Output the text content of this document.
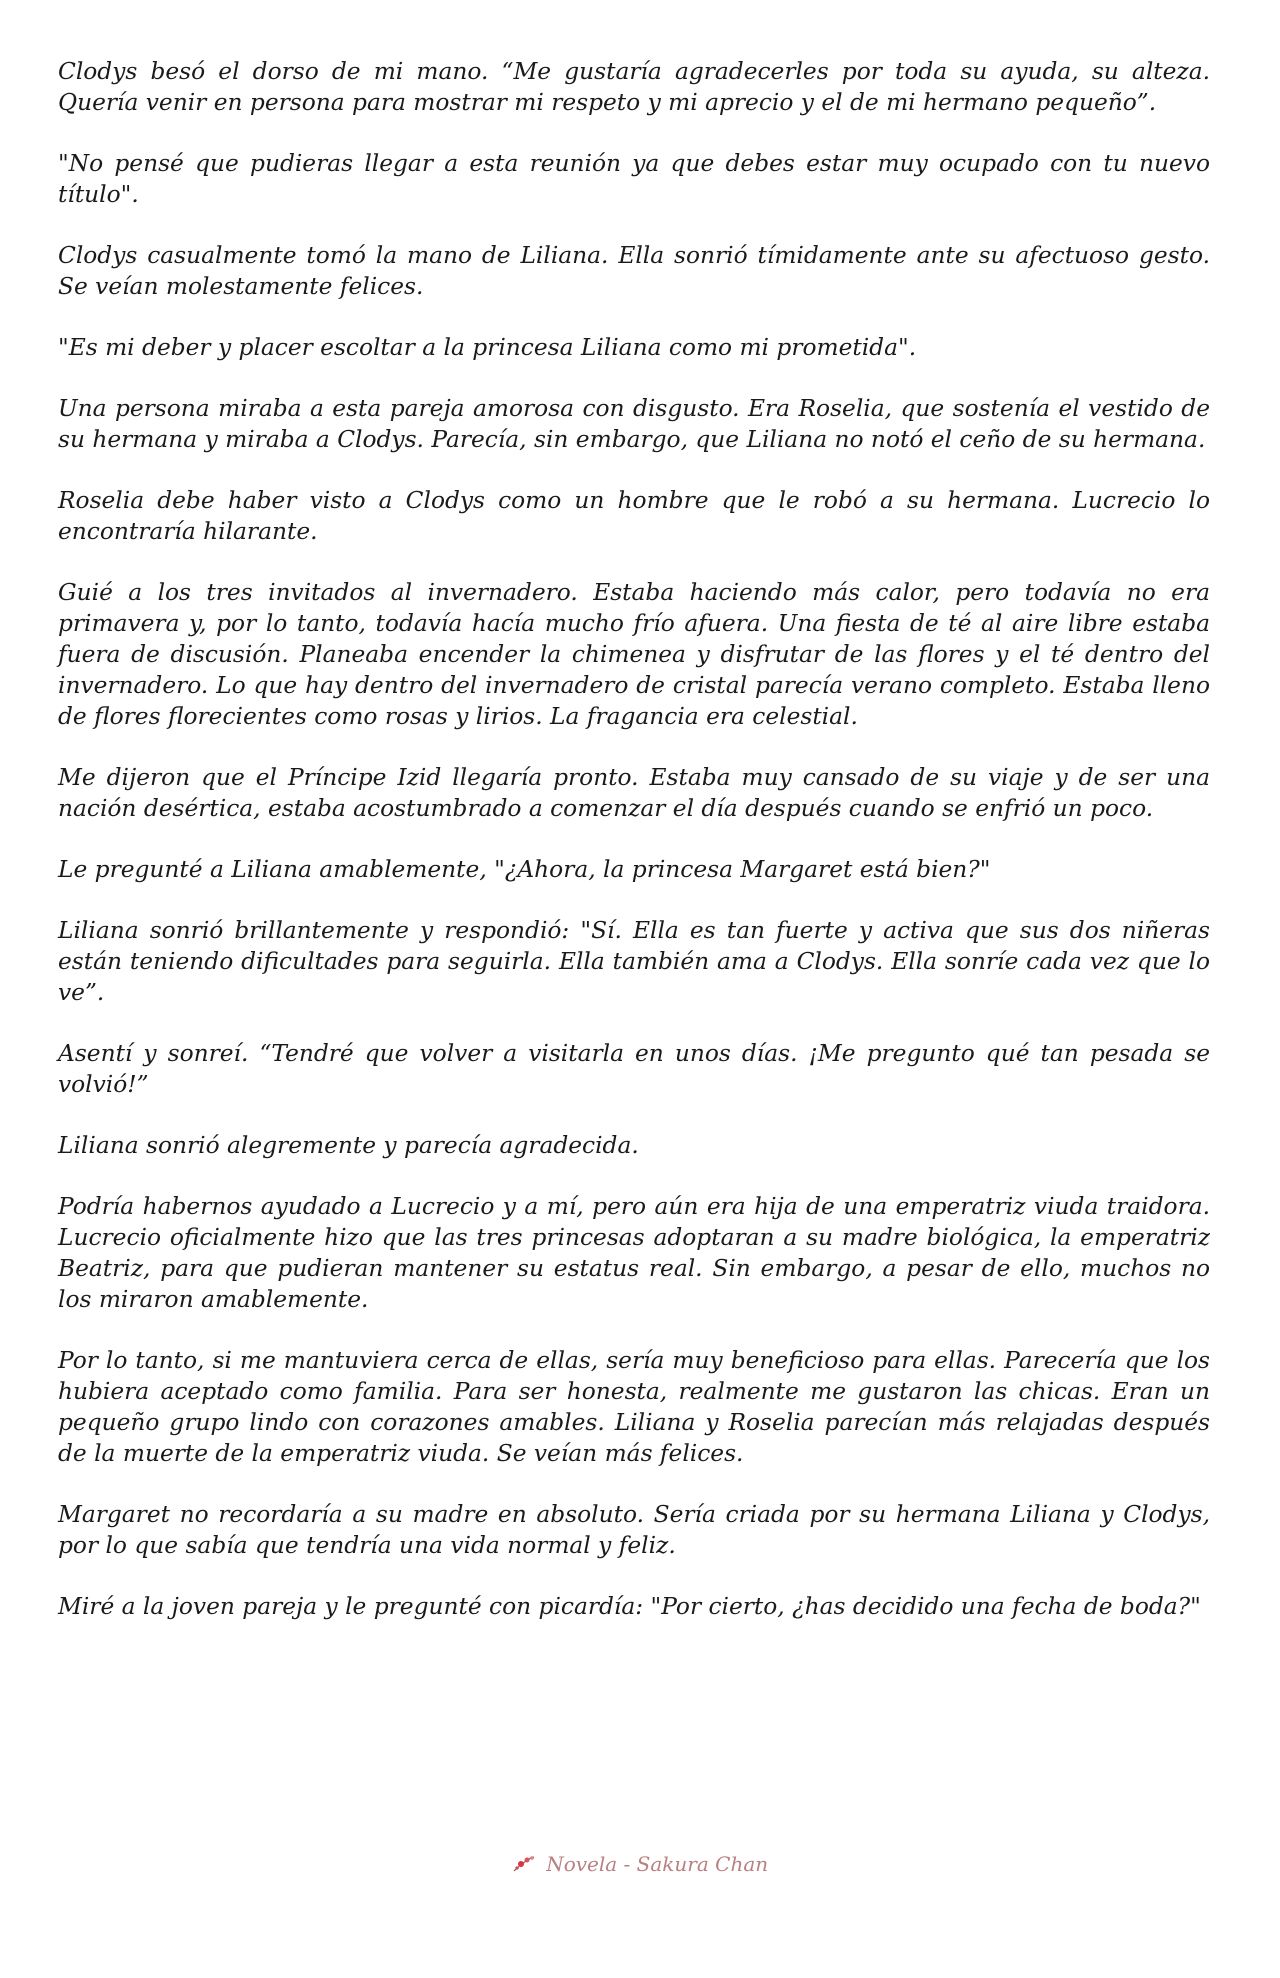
Clodys besó el dorso de mi mano. “Me gustaría agradecerles por toda su ayuda, su alteza. Quería venir en persona para mostrar mi respeto y mi aprecio y el de mi hermano pequeño”.

"No pensé que pudieras llegar a esta reunión ya que debes estar muy ocupado con tu nuevo título".

Clodys casualmente tomó la mano de Liliana. Ella sonrió tímidamente ante su afectuoso gesto. Se veían molestamente felices.

"Es mi deber y placer escoltar a la princesa Liliana como mi prometida".

Una persona miraba a esta pareja amorosa con disgusto. Era Roselia, que sostenía el vestido de su hermana y miraba a Clodys. Parecía, sin embargo, que Liliana no notó el ceño de su hermana.

Roselia debe haber visto a Clodys como un hombre que le robó a su hermana. Lucrecio lo encontraría hilarante.

Guié a los tres invitados al invernadero. Estaba haciendo más calor, pero todavía no era primavera y, por lo tanto, todavía hacía mucho frío afuera. Una fiesta de té al aire libre estaba fuera de discusión. Planeaba encender la chimenea y disfrutar de las flores y el té dentro del invernadero. Lo que hay dentro del invernadero de cristal parecía verano completo. Estaba lleno de flores florecientes como rosas y lirios. La fragancia era celestial.

Me dijeron que el Príncipe Izid llegaría pronto. Estaba muy cansado de su viaje y de ser una nación desértica, estaba acostumbrado a comenzar el día después cuando se enfrió un poco.

Le pregunté a Liliana amablemente, "¿Ahora, la princesa Margaret está bien?"

Liliana sonrió brillantemente y respondió: "Sí. Ella es tan fuerte y activa que sus dos niñeras están teniendo dificultades para seguirla. Ella también ama a Clodys. Ella sonríe cada vez que lo ve”.

Asentí y sonreí. “Tendré que volver a visitarla en unos días. ¡Me pregunto qué tan pesada se volvió!”

Liliana sonrió alegremente y parecía agradecida.

Podría habernos ayudado a Lucrecio y a mí, pero aún era hija de una emperatriz viuda traidora. Lucrecio oficialmente hizo que las tres princesas adoptaran a su madre biológica, la emperatriz Beatriz, para que pudieran mantener su estatus real. Sin embargo, a pesar de ello, muchos no los miraron amablemente.

Por lo tanto, si me mantuviera cerca de ellas, sería muy beneficioso para ellas. Parecería que los hubiera aceptado como familia. Para ser honesta, realmente me gustaron las chicas. Eran un pequeño grupo lindo con corazones amables. Liliana y Roselia parecían más relajadas después de la muerte de la emperatriz viuda. Se veían más felices.

Margaret no recordaría a su madre en absoluto. Sería criada por su hermana Liliana y Clodys, por lo que sabía que tendría una vida normal y feliz.

Miré a la joven pareja y le pregunté con picardía: "Por cierto, ¿has decidido una fecha de boda?"

Novela - Sakura Chan
